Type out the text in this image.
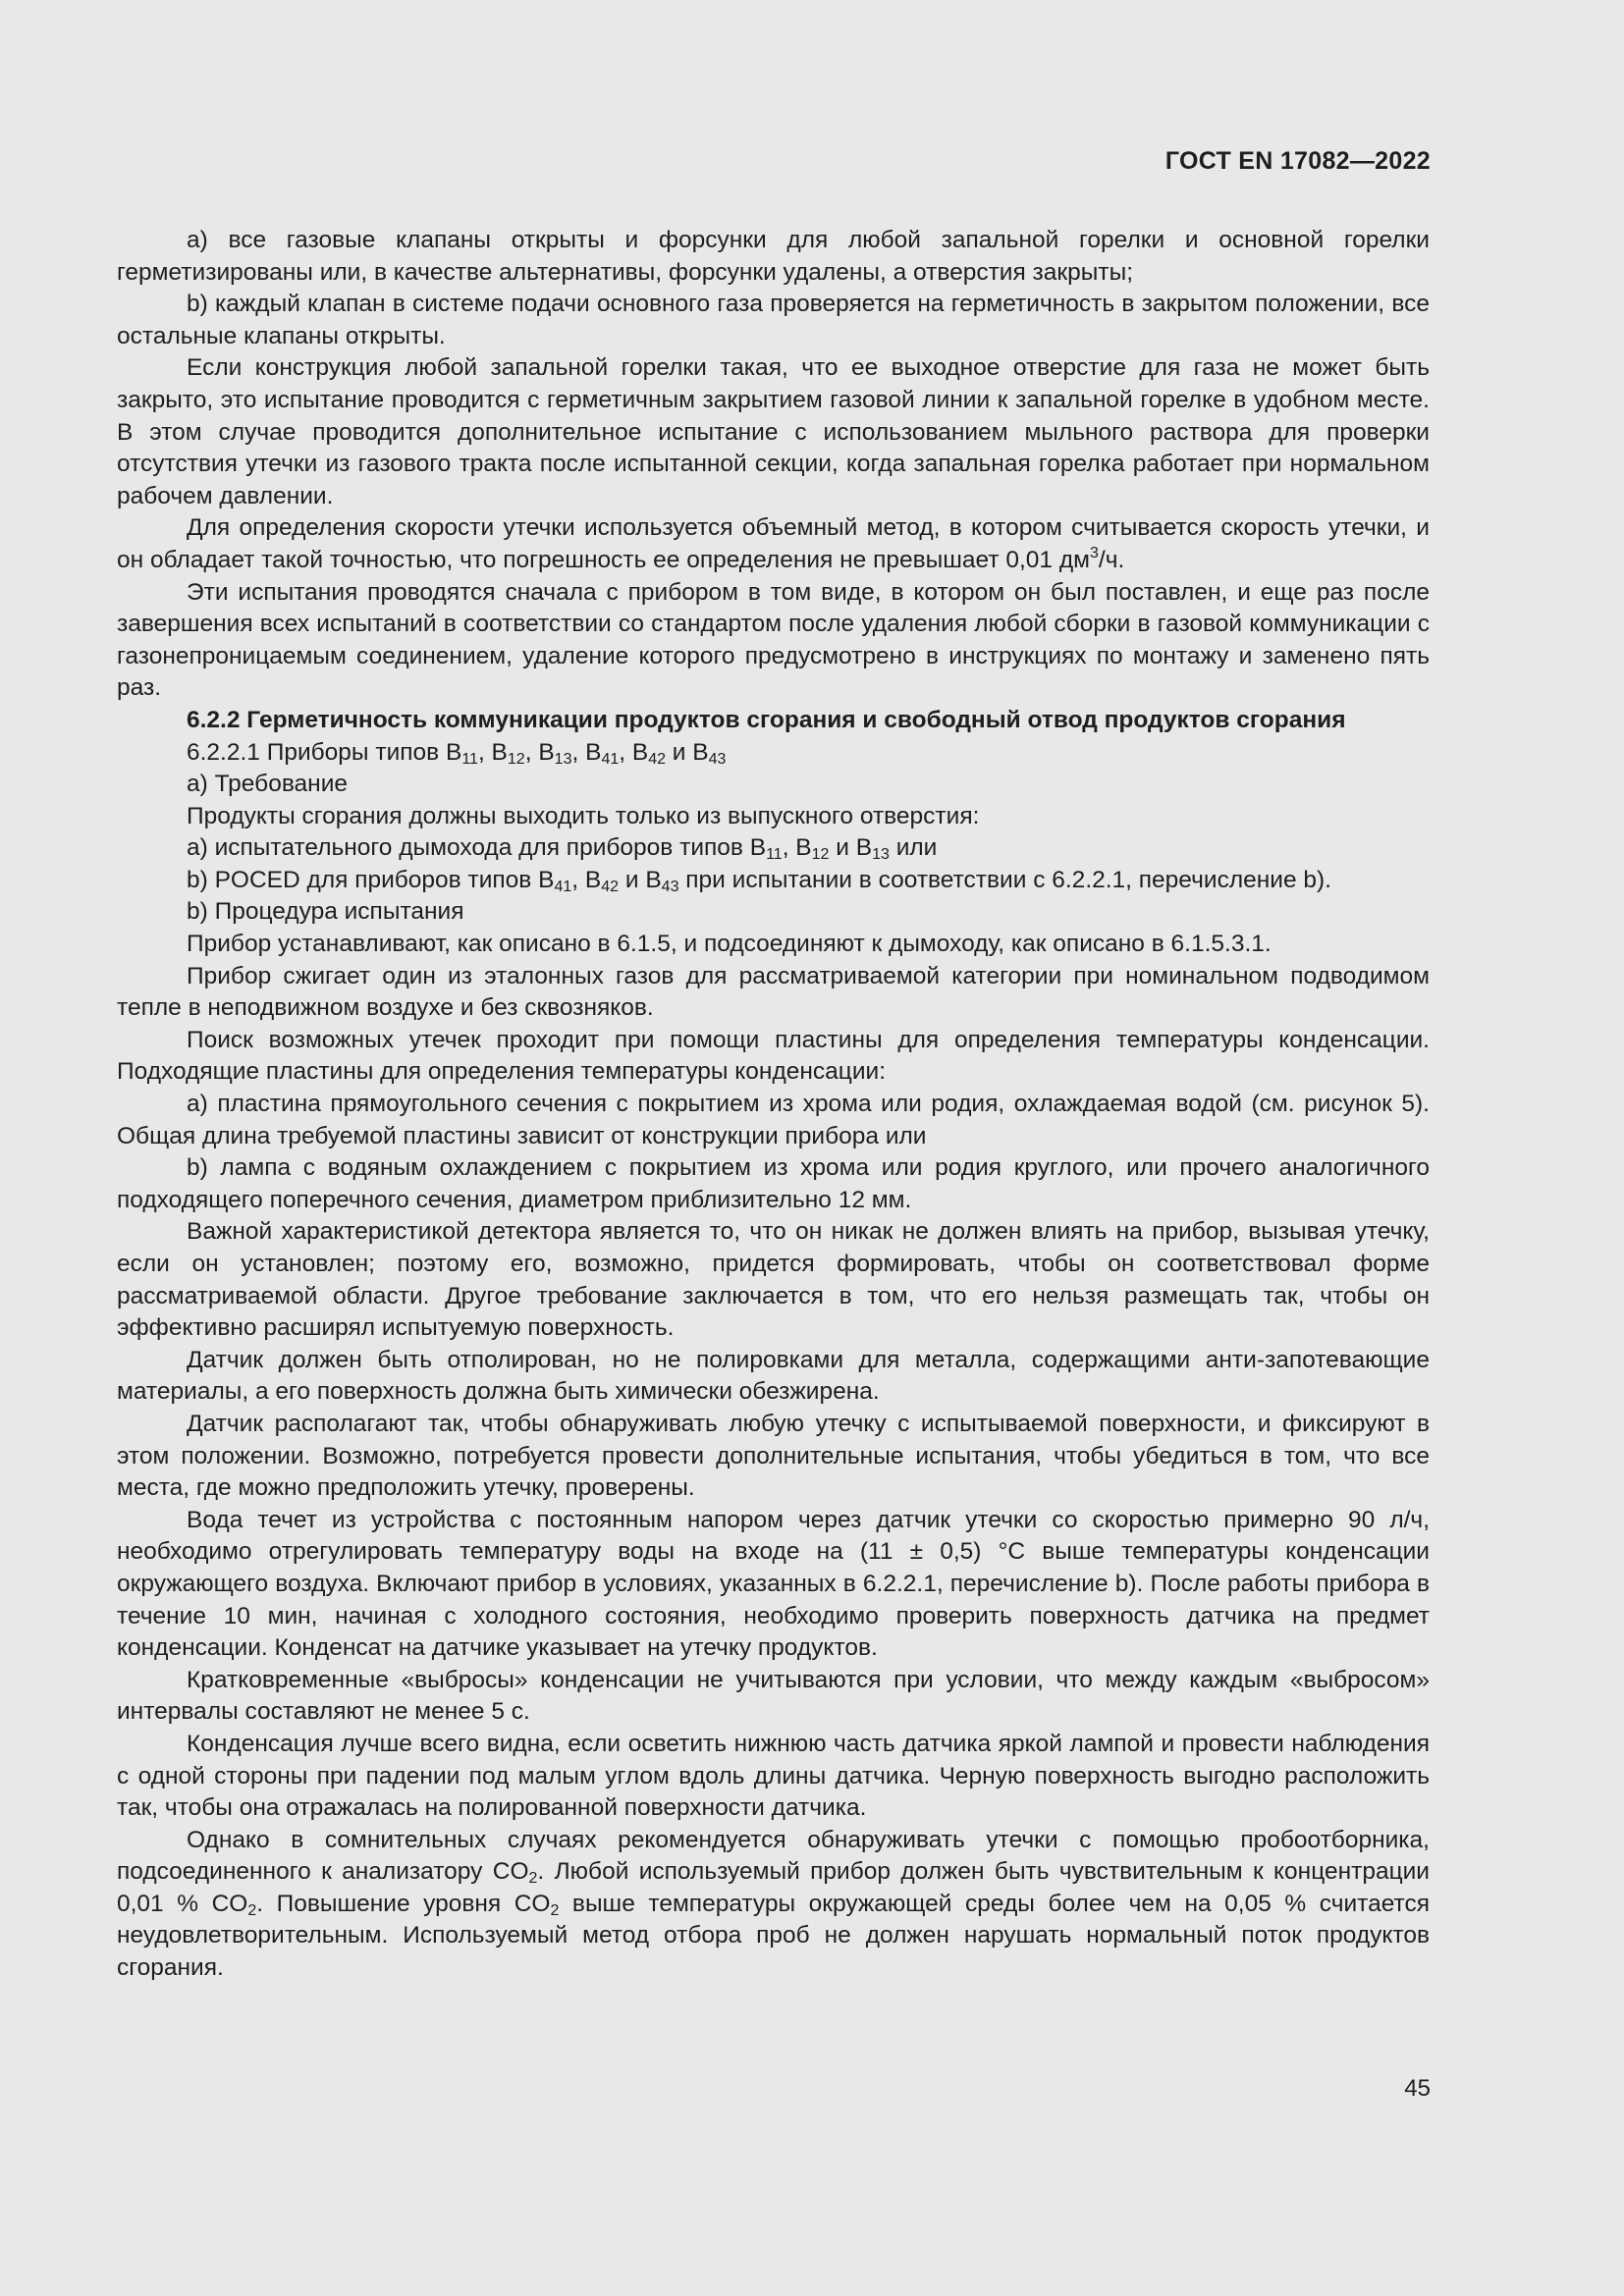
ГОСТ EN 17082—2022

a) все газовые клапаны открыты и форсунки для любой запальной горелки и основной горелки герметизированы или, в качестве альтернативы, форсунки удалены, а отверстия закрыты;

b) каждый клапан в системе подачи основного газа проверяется на герметичность в закрытом положении, все остальные клапаны открыты.

Если конструкция любой запальной горелки такая, что ее выходное отверстие для газа не может быть закрыто, это испытание проводится с герметичным закрытием газовой линии к запальной горелке в удобном месте. В этом случае проводится дополнительное испытание с использованием мыльного раствора для проверки отсутствия утечки из газового тракта после испытанной секции, когда запальная горелка работает при нормальном рабочем давлении.

Для определения скорости утечки используется объемный метод, в котором считывается скорость утечки, и он обладает такой точностью, что погрешность ее определения не превышает 0,01 $дм^3/ч$.

Эти испытания проводятся сначала с прибором в том виде, в котором он был поставлен, и еще раз после завершения всех испытаний в соответствии со стандартом после удаления любой сборки в газовой коммуникации с газонепроницаемым соединением, удаление которого предусмотрено в инструкциях по монтажу и заменено пять раз.

6.2.2 Герметичность коммуникации продуктов сгорания и свободный отвод продуктов сгорания

6.2.2.1 Приборы типов $B_{11}$, $B_{12}$, $B_{13}$, $B_{41}$, $B_{42}$ и $B_{43}$

a) Требование

Продукты сгорания должны выходить только из выпускного отверстия:

a) испытательного дымохода для приборов типов $B_{11}$, $B_{12}$ и $B_{13}$ или

b) POCED для приборов типов $B_{41}$, $B_{42}$ и $B_{43}$ при испытании в соответствии с 6.2.2.1, перечисление b).

b) Процедура испытания

Прибор устанавливают, как описано в 6.1.5, и подсоединяют к дымоходу, как описано в 6.1.5.3.1.

Прибор сжигает один из эталонных газов для рассматриваемой категории при номинальном подводимом тепле в неподвижном воздухе и без сквозняков.

Поиск возможных утечек проходит при помощи пластины для определения температуры конденсации. Подходящие пластины для определения температуры конденсации:

a) пластина прямоугольного сечения с покрытием из хрома или родия, охлаждаемая водой (см. рисунок 5). Общая длина требуемой пластины зависит от конструкции прибора или

b) лампа с водяным охлаждением с покрытием из хрома или родия круглого, или прочего аналогичного подходящего поперечного сечения, диаметром приблизительно 12 мм.

Важной характеристикой детектора является то, что он никак не должен влиять на прибор, вызывая утечку, если он установлен; поэтому его, возможно, придется формировать, чтобы он соответствовал форме рассматриваемой области. Другое требование заключается в том, что его нельзя размещать так, чтобы он эффективно расширял испытуемую поверхность.

Датчик должен быть отполирован, но не полировками для металла, содержащими анти-запотевающие материалы, а его поверхность должна быть химически обезжирена.

Датчик располагают так, чтобы обнаруживать любую утечку с испытываемой поверхности, и фиксируют в этом положении. Возможно, потребуется провести дополнительные испытания, чтобы убедиться в том, что все места, где можно предположить утечку, проверены.

Вода течет из устройства с постоянным напором через датчик утечки со скоростью примерно 90 л/ч, необходимо отрегулировать температуру воды на входе на (11 ± 0,5) °С выше температуры конденсации окружающего воздуха. Включают прибор в условиях, указанных в 6.2.2.1, перечисление b). После работы прибора в течение 10 мин, начиная с холодного состояния, необходимо проверить поверхность датчика на предмет конденсации. Конденсат на датчике указывает на утечку продуктов.

Кратковременные «выбросы» конденсации не учитываются при условии, что между каждым «выбросом» интервалы составляют не менее 5 с.

Конденсация лучше всего видна, если осветить нижнюю часть датчика яркой лампой и провести наблюдения с одной стороны при падении под малым углом вдоль длины датчика. Черную поверхность выгодно расположить так, чтобы она отражалась на полированной поверхности датчика.

Однако в сомнительных случаях рекомендуется обнаруживать утечки с помощью пробоотборника, подсоединенного к анализатору $CO_2$. Любой используемый прибор должен быть чувствительным к концентрации 0,01 % $CO_2$. Повышение уровня $CO_2$ выше температуры окружающей среды более чем на 0,05 % считается неудовлетворительным. Используемый метод отбора проб не должен нарушать нормальный поток продуктов сгорания.

45
